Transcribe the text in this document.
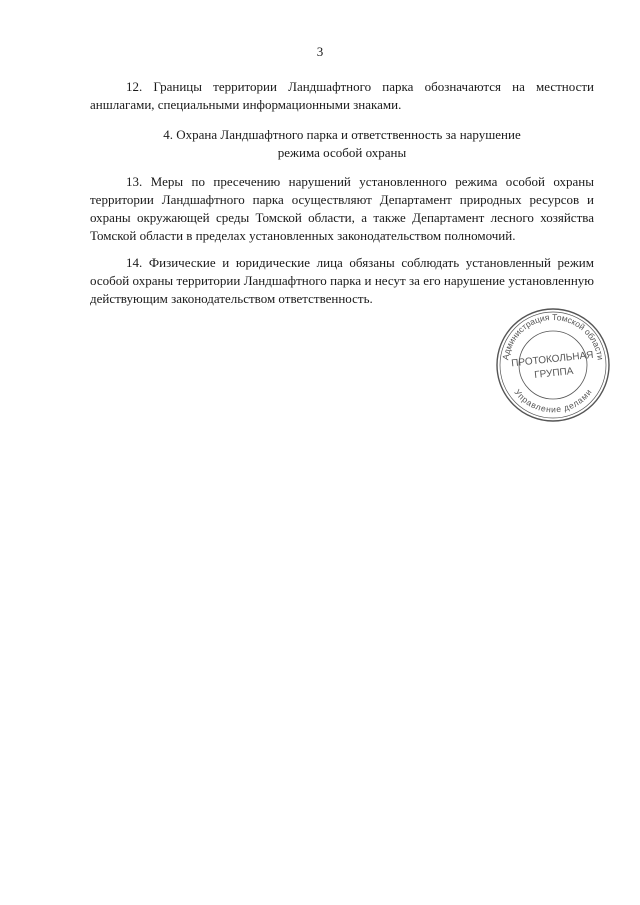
3

12. Границы территории Ландшафтного парка обозначаются на местности аншлагами, специальными информационными знаками.

4. Охрана Ландшафтного парка и ответственность за нарушение
режима особой охраны

13. Меры по пресечению нарушений установленного режима особой охраны территории Ландшафтного парка осуществляют Департамент природных ресурсов и охраны окружающей среды Томской области, а также Департамент лесного хозяйства Томской области в пределах установленных законодательством полномочий.

14. Физические и юридические лица обязаны соблюдать установленный режим особой охраны территории Ландшафтного парка и несут за его нарушение установленную действующим законодательством ответственность.

Администрация Томской области
Управление делами
ПРОТОКОЛЬНАЯ
ГРУППА
